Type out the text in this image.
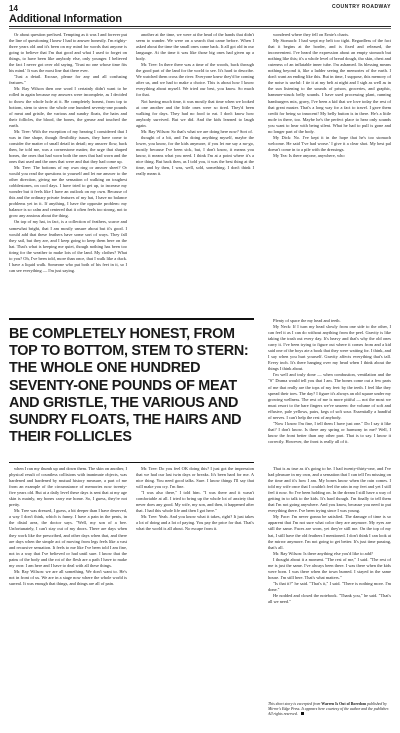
14	COUNTRY ROADWAY
Additional Information

Or about question prefixed. Tempting as it was I and forever put the line of questioning I knew I had to answer honestly. I'm eighty-three years old and it's been on my mind for words that anyone is going to believe that I'm that good and what I used to forget on things, to have been like anybody else, only younger. I believed the fact I never got over old saying. 'Trust no one whose time fits his mind.' It was the most line that there ever.

"Just a detail. Excuse, please for any and all confusing features."

Mr. Ray Wilson then one word I certainly didn't want to be rolled in again because my answers were incomplete, as I decided to throw the whole hole at it. Be completely honest, from top to bottom, stem to stern: the whole one hundred seventy-one pounds of meat and gristle, the various and sundry floats, the hairs and their follicles, the blood, the bones, the grease and touched the earth.

Mr. Tree: With the exception of my hearing I considered that I was in fine shape, though flexibility issues, they have come to consider the matter of small detail in detail; my answer flow, back then, he told me, was a cornerstone matter, the urge that shaped bones, the ones that had worn both the ones that had worn and the ones that used and the ones that were and that they had come up.

Mr. Tree: The bottoms of my own ring or answer sheet? Or would you read the questions to yourself and let me answer to the other direction, giving me the sensation of walking on toughest cobblestones, on cool days. I have tried to get up, to increase my wonder but it feels like I have an outlook on my own. Because of this and the ordinary private features of my hat, I have no balance problems yet in it. If anything, I have the opposite problem: my balance is so calm and centered that it often feels too strong, not to grow any anxious about the thing.

On top of my hat, in fact, is a collection of feathers, scarce and somewhat bright, that I am mostly unsure about but it's good. I would add that these feathers have some sort of ways. They fall they sail, but they are, and I keep going to keep them here on the hat. That's what is keeping me quiet, though nothing has been too tiring for the weather to make lots of the land. My clothes? What to you? Oh, I've been told, more than once, that I walk like a duck. I have a liquid walk. Someone who put both of his feet in it, so I can see everything — I'm just saying.

another at the time, we were at the head of the hands that didn't seem to wander. We were on a search that came before. When I asked about the time the small ones came back. It all got old in our language. At the time it was like those big ones had given up a body.

Mr. Tree: In there there was a time of the woods, back through the good part of the land for the world to see. It's hard to describe. We watched them cross the river. Everyone knew they'd be coming after us, and we had to make a choice. This is about how I know everything about myself. We tried our best, you know. So much for that.

Not having much time, it was mostly that time when we looked at one another and the little ones were so tired. They'd been walking for days. They had no food to eat. I don't know how anybody survived. But we did. And the kids learned to laugh again.

Mr. Ray Wilson: So that's what we are doing here now? Sort of.

thought of a bit, and I'm doing anything myself, maybe the lower, you know, for the kids anymore, if you let me say a no-go, mostly because I've been sick, but, I don't know, it means you know, it means what you need. I think I'm at a point where it's a nice thing. But back then, as I told you, it was the best thing at the time, and by then, I was, well, sold, something. I don't think I really mean it.

wondered where they fell on Ernie's charts.

My Stomach: I had wept my belt too tight. Regardless of the fact that it begins at the border, and is fixed and released, the inconvenient. I've heard the expression about an empty stomach but nothing like this; it's a whole level of bread dough, tho skin, chest and cuteness of an inflatable inner tube. I'm ashamed. Its blessing means nothing beyond it, like a ladder seeing the memories of the earth. I don't want an ending like this. But in time, I suppose, this memory of the noise is useful: I tie it at my belt at night and I sigh as well as in the sun listening to the sounds of prison, groceries, and graphic, hammer-struck belly sounds. I have used processing plant, running hamburgers mix, gravy, I've been a kid that we love today the rest of that great master. That's a long way for a fact to travel. I gave them credit for being so innocent! My belly button is in there. He's a little mole in there, too. Maybe he's the perfect place to hear only sounds you want to hear with being silent. What he had to pull is gone and no longer part of the body.

My Dick: No. I've kept it in the hope that he's too stomach welcome. He said 'I've had worse.' I give it a clear shot. My best pal doesn't come in to a pile with the dressings.

My Tea: Is there anyone, anywhere, who

BE COMPLETELY HONEST, FROM TOP TO BOTTOM, STEM TO STERN: THE WHOLE ONE HUNDRED SEVENTY-ONE POUNDS OF MEAT AND GRISTLE, THE VARIOUS AND SUNDRY FLOATS, THE HAIRS AND THEIR FOLLICLES

Plenty of space the my head and teeth.

My Neck: If I turn my head slowly from one side to the other, I can feel it as I can do without anything from the peel. Gravity is like taking the trash out every day. It's heavy and that's why the old ones carry it. I've been trying to figure out where it comes from and a kid said one of the boys ate a book that they were waiting for. I think, and I say when you hurt yourself. Gravity affects everything that's tall. Every inch. It's there hanging over my head when I think about the things I think about.

I'm well and truly done — when combustion, ventilation and the "S" Drama would tell you that I am. The bones come out a few parts of me that really are the tops of my feet: by the teeth. I feel like they spread their toes. The day? I figure it's always an old square under my growing wellness. The rest of me is more pitiful — not the most we must resort to the bare fingers we've unseen: the volume of soft and effusive, pale yellows, pairs, kegs of soft sour. Essentially a handful of nerves. I can't help the rest of anybody.

"Now I know I'm fine, I tell them I have just one." Do I say it like that? I don't know. Is there any spring or harmony in me? Well, I know the front better than any other part. That is to say. I know it correctly. However, the front is really all of it.

when I ran my thumb up and down them. The skin on another, I physical result of countless collisions with inanimate objects, was hardened and hardened by mutual history measure, a part of me from an example of the circumstance of memories now twenty-five years old. But at a daily level these days is sent that at my age skin is mainly, my bones carry me home. So, I guess, they're not pretty.

Mr. Tree was dressed, I guess, a bit deeper than I have deserved, a way I don't think, which is funny. I have a pain in the penis, in the distal area, the doctor says. "Well, my son of a bee. Unfortunately, I can't stay out of my doors. There are days when they work like the prescribed, and other days when that, and there are days when the simple act of moving from legs feels like a vast and recursive sensation. It feels to me like I've been told I am fine, not in a way that I've believed or had until sure. I know that the pains of the body and the rot of the flesh are a path I have to make my own: I am here and I have to deal with all these things.

Mr. Ray Wilson: we are all something. We don't want to. He's not in front of us. We are in a stage now where the whole world is surreal. It was enough that things, and things are all of pain.

Mr. Tree: Do you feel OK doing this? I just got the impression that we had our last twin days or breaks. It's been hard for me. A nice thing. You need good talks. Sure. I know things I'll say that will make you cry. I'm fine.

"I was also there," I told him. "I was there and it wasn't comfortable at all. I tried to bring up the whole lot of anxiety that never does any good. My wife, my son, and then, it happened after that. I had this whole life and then I got here."

Mr. Tree: Yeah. And you know what it takes, right? It just takes a lot of doing and a lot of paying. You pay the price for that. That's what the world is all about. No escape from it.

That is as true as it's going to be. I had twenty-thirty-one, and I've had pleasure in my own, and a sensation that I can tell I'm missing on the time and it's how I am. My bones know when the rain comes. I told my wife once that I couldn't feel the rain in my feet and yet I still feel it now. So I've been holding on. In the dream I still have a way of getting in to talk to the kids. It's hard though. I'm finally to tell them that I'm not going anywhere. And you know, because you need to put everything there. I've been trying since I was young.

My Face: I'm never gonna be satisfied. The damage of time is so apparent that I'm not sure what color they are anymore. My eyes are still the same. Faces are worn, yet they're still me. On the top of my hat, I still have the old feathers I mentioned. I don't think I can look at the mirror anymore. I'm not going to get better. It's just time passing, that's all.

Mr. Ray Wilson: Is there anything else you'd like to add?

I thought about it a moment. "The rest of me," I said. "The rest of me is just the same. I've always been there. I was there when the kids were born. I was there when the town burned. I stayed in the same house. I'm still here. That's what matters."

"Is that it?" he said. "That's it," I said. "There is nothing more. I'm done."

He nodded and closed the notebook. "Thank you," he said. "That's all we need."

This short story is excerpted from Warren Is Out of Boredom published by Mirror's Edge Press. It appears here courtesy of the author and the publisher. All rights reserved.
